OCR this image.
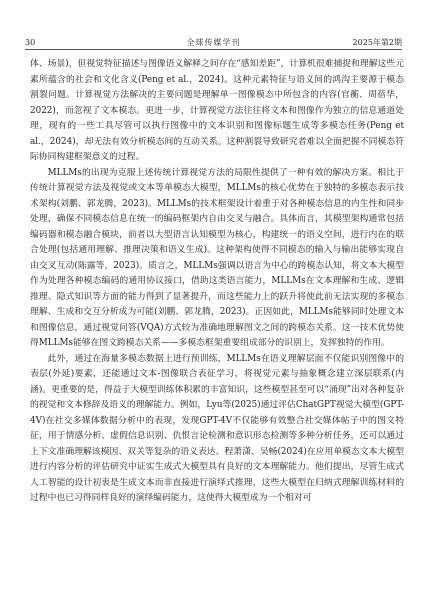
30	全球传媒学刊	2025年第2期

体、场景)，但视觉特征描述与图像语义解释之间存在“感知差距”，计算机很难捕捉和理解这些元素所蕴含的社会和文化含义(Peng et al.，2024)。这种元素特征与语义间的鸿沟主要源于模态割裂问题。计算视觉方法解决的主要问题是理解单一图像模态中所包含的内容(官蘅、周蓓华，2022)，而忽视了文本模态。更进一步，计算视觉方法往往将文本和图像作为独立的信息通道处理，现有的一些工具尽管可以执行图像中的文本识别和图像标题生成等多模态任务(Peng et al.，2024)，却无法有效分析模态间的互动关系。这种割裂导致研究者难以全面把握不同模态符际协同构建框架意义的过程。

MLLMs的出现为克服上述传统计算视觉方法的局限性提供了一种有效的解决方案。相比于传统计算视觉方法及视觉或文本等单模态大模型，MLLMs的核心优势在于独特的多模态表示技术架构(刘鹏、郭龙腾，2023)。MLLMs的技术框架设计着重于对各种模态信息的内生性和同步处理，确保不同模态信息在统一的编码框架内自由交叉与融合。具体而言，其模型架构通常包括编码器和模态融合模块，前者以大型语言认知模型为核心，构建统一的语义空间，进行内在的联合处理(包括通用理解、推理决策和语义生成)。这种架构使得不同模态的输入与输出能够实现自由交叉互动(陈露等，2023)。质言之，MLLMs强调以语言为中心的跨模态认知，将文本大模型作为处理各种模态编码的通用协议接口，借助这类语言能力，MLLMs在文本理解和生成、逻辑推理、隐式知识等方面的能力得到了显著提升，而这些能力上的跃升将使此前无法实现的多模态理解、生成和交互分析成为可能(刘鹏、郭龙腾，2023)。正因如此，MLLMs能够同时处理文本和图像信息，通过视觉问答(VQA)方式较为准确地理解图文之间的跨模态关系。这一技术优势使得MLLMs能够在图文跨模态关系——多模态框架重要组成部分的识别上，发挥独特的作用。

此外，通过在海量多模态数据上进行预训练，MLLMs在语义理解层面不仅能识别图像中的表层(外延)要素，还能通过文本-图像联合表征学习，将视觉元素与抽象概念建立深层联系(内涵)。更重要的是，得益于大模型训练体积累的丰富知识，这些模型甚至可以“涌现”出对各种复杂的视觉和文本修辞及语义的理解能力。例如，Lyu等(2025)通过评估ChatGPT视觉大模型(GPT-4V)在社交多媒体数据分析中的表现，发现GPT-4V不仅能够有效整合社交媒体帖子中的图文特征，用于情感分析、虚假信息识别、仇恨言论检测和意识形态检测等多种分析任务，还可以通过上下文准确理解该模因、双关等复杂的语义表达。程萧潇、吴畅(2024)在应用单模态文本大模型进行内容分析的评估研究中证实生成式大模型具有良好的文本理解能力。他们提出，尽管生成式人工智能的设计初衷是生成文本而非直接进行演绎式推理，这些大模型在归纳式理解训练材料的过程中也已习得同样良好的演绎编码能力，这使得大模型成为一个相对可
